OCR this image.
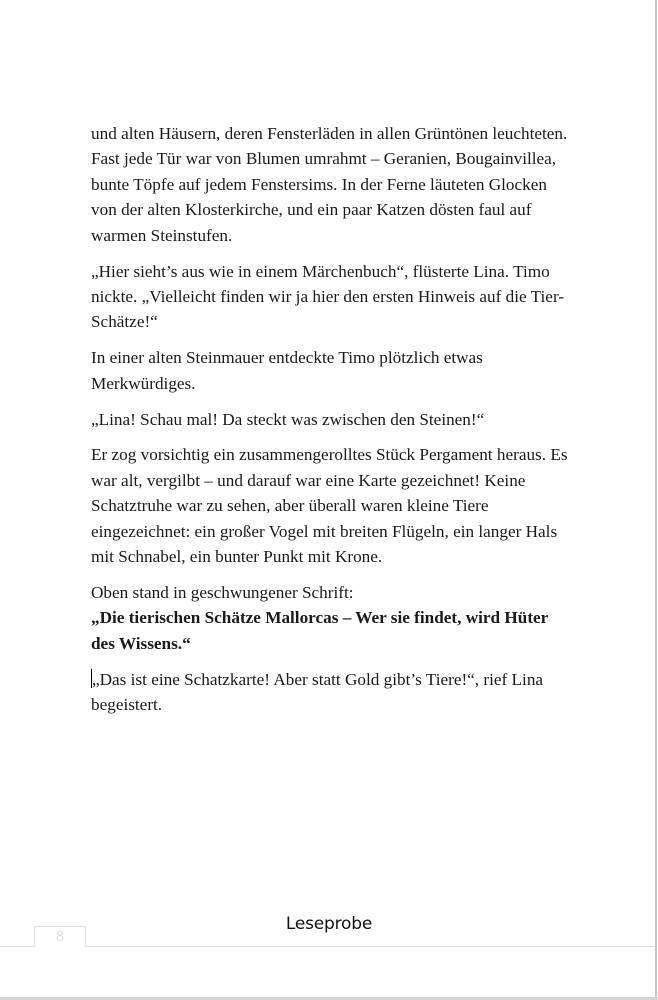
und alten Häusern, deren Fensterläden in allen Grüntönen leuchteten. Fast jede Tür war von Blumen umrahmt – Geranien, Bougainvillea, bunte Töpfe auf jedem Fenstersims. In der Ferne läuteten Glocken von der alten Klosterkirche, und ein paar Katzen dösten faul auf warmen Steinstufen.

„Hier sieht’s aus wie in einem Märchenbuch“, flüsterte Lina. Timo nickte. „Vielleicht finden wir ja hier den ersten Hinweis auf die Tier-Schätze!“

In einer alten Steinmauer entdeckte Timo plötzlich etwas Merkwürdiges.

„Lina! Schau mal! Da steckt was zwischen den Steinen!“

Er zog vorsichtig ein zusammengerolltes Stück Pergament heraus. Es war alt, vergilbt – und darauf war eine Karte gezeichnet! Keine Schatztruhe war zu sehen, aber überall waren kleine Tiere eingezeichnet: ein großer Vogel mit breiten Flügeln, ein langer Hals mit Schnabel, ein bunter Punkt mit Krone.

Oben stand in geschwungener Schrift:
„Die tierischen Schätze Mallorcas – Wer sie findet, wird Hüter des Wissens.“

„Das ist eine Schatzkarte! Aber statt Gold gibt’s Tiere!“, rief Lina begeistert.

Leseprobe
8
